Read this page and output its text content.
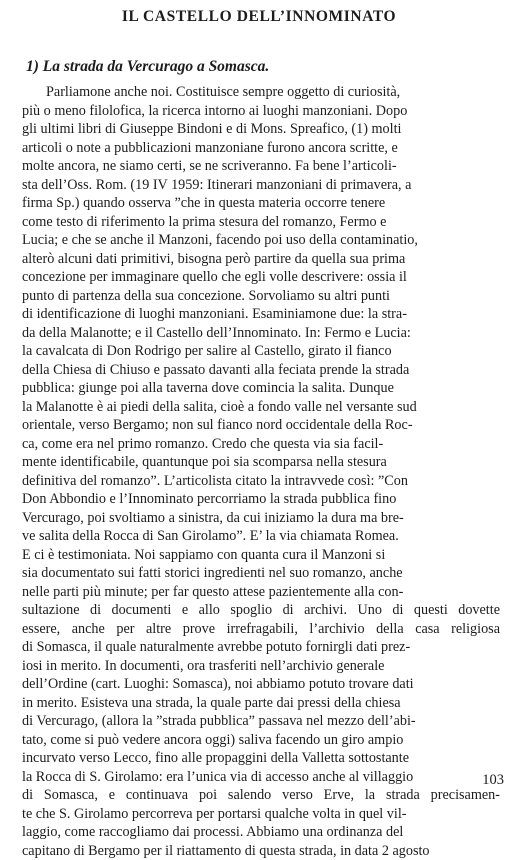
IL CASTELLO DELL’INNOMINATO
1) La strada da Vercurago a Somasca.
Parliamone anche noi. Costituisce sempre oggetto di curiosità,
più o meno filolofica, la ricerca intorno ai luoghi manzoniani. Dopo
gli ultimi libri di Giuseppe Bindoni e di Mons. Spreafico, (1) molti
articoli o note a pubblicazioni manzoniane furono ancora scritte, e
molte ancora, ne siamo certi, se ne scriveranno. Fa bene l’articoli-
sta dell’Oss. Rom. (19 IV 1959: Itinerari manzoniani di primavera, a
firma Sp.) quando osserva ”che in questa materia occorre tenere
come testo di riferimento la prima stesura del romanzo, Fermo e
Lucia; e che se anche il Manzoni, facendo poi uso della contaminatio,
alterò alcuni dati primitivi, bisogna però partire da quella sua prima
concezione per immaginare quello che egli volle descrivere: ossia il
punto di partenza della sua concezione. Sorvoliamo su altri punti
di identificazione di luoghi manzoniani. Esaminiamone due: la stra-
da della Malanotte; e il Castello dell’Innominato. In: Fermo e Lucia:
la cavalcata di Don Rodrigo per salire al Castello, girato il fianco
della Chiesa di Chiuso e passato davanti alla feciata prende la strada
pubblica: giunge poi alla taverna dove comincia la salita. Dunque
la Malanotte è ai piedi della salita, cioè a fondo valle nel versante sud
orientale, verso Bergamo; non sul fianco nord occidentale della Roc-
ca, come era nel primo romanzo. Credo che questa via sia facil-
mente identificabile, quantunque poi sia scomparsa nella stesura
definitiva del romanzo”. L’articolista citato la intravvede così: ”Con
Don Abbondio e l’Innominato percorriamo la strada pubblica fino
Vercurago, poi svoltiamo a sinistra, da cui iniziamo la dura ma bre-
ve salita della Rocca di San Girolamo”. E’ la via chiamata Romea.
E ci è testimoniata. Noi sappiamo con quanta cura il Manzoni si
sia documentato sui fatti storici ingredienti nel suo romanzo, anche
nelle parti più minute; per far questo attese pazientemente alla con-
sultazione di documenti e allo spoglio di archivi. Uno di questi dovette
essere, anche per altre prove irrefragabili, l’archivio della casa religiosa
di Somasca, il quale naturalmente avrebbe potuto fornirgli dati prez-
iosi in merito. In documenti, ora trasferiti nell’archivio generale
dell’Ordine (cart. Luoghi: Somasca), noi abbiamo potuto trovare dati
in merito. Esisteva una strada, la quale parte dai pressi della chiesa
di Vercurago, (allora la ”strada pubblica” passava nel mezzo dell’abi-
tato, come si può vedere ancora oggi) saliva facendo un giro ampio
incurvato verso Lecco, fino alle propaggini della Valletta sottostante
la Rocca di S. Girolamo: era l’unica via di accesso anche al villaggio
di Somasca, e continuava poi salendo verso Erve, la strada precisamen-
te che S. Girolamo percorreva per portarsi qualche volta in quel vil-
laggio, come raccogliamo dai processi. Abbiamo una ordinanza del
capitano di Bergamo per il riattamento di questa strada, in data 2 agosto
103
